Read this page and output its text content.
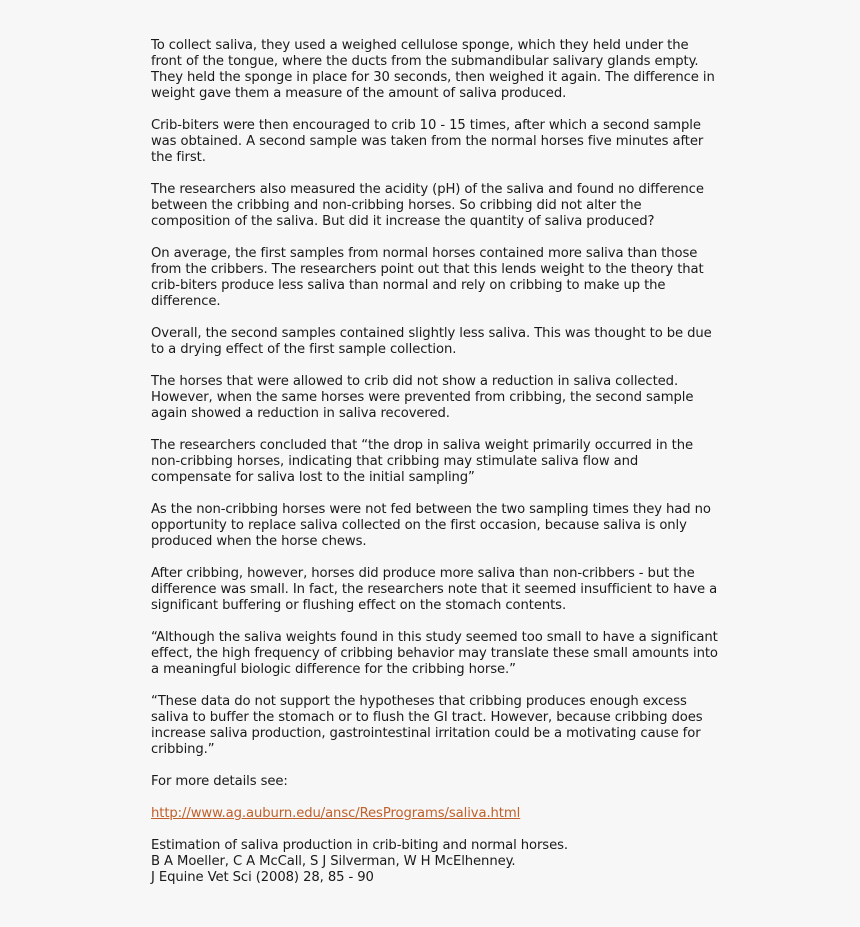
To collect saliva, they used a weighed cellulose sponge, which they held under the front of the tongue, where the ducts from the submandibular salivary glands empty. They held the sponge in place for 30 seconds, then weighed it again. The difference in weight gave them a measure of the amount of saliva produced.

Crib-biters were then encouraged to crib 10 - 15 times, after which a second sample was obtained. A second sample was taken from the normal horses five minutes after the first.

The researchers also measured the acidity (pH) of the saliva and found no difference between the cribbing and non-cribbing horses. So cribbing did not alter the composition of the saliva. But did it increase the quantity of saliva produced?

On average, the first samples from normal horses contained more saliva than those from the cribbers. The researchers point out that this lends weight to the theory that crib-biters produce less saliva than normal and rely on cribbing to make up the difference.

Overall, the second samples contained slightly less saliva. This was thought to be due to a drying effect of the first sample collection.

The horses that were allowed to crib did not show a reduction in saliva collected. However, when the same horses were prevented from cribbing, the second sample again showed a reduction in saliva recovered.

The researchers concluded that “the drop in saliva weight primarily occurred in the non-cribbing horses, indicating that cribbing may stimulate saliva flow and compensate for saliva lost to the initial sampling”

As the non-cribbing horses were not fed between the two sampling times they had no opportunity to replace saliva collected on the first occasion, because saliva is only produced when the horse chews.

After cribbing, however, horses did produce more saliva than non-cribbers - but the difference was small. In fact, the researchers note that it seemed insufficient to have a significant buffering or flushing effect on the stomach contents.

“Although the saliva weights found in this study seemed too small to have a significant effect, the high frequency of cribbing behavior may translate these small amounts into a meaningful biologic difference for the cribbing horse.”

“These data do not support the hypotheses that cribbing produces enough excess saliva to buffer the stomach or to flush the GI tract. However, because cribbing does increase saliva production, gastrointestinal irritation could be a motivating cause for cribbing.”

For more details see:

http://www.ag.auburn.edu/ansc/ResPrograms/saliva.html

Estimation of saliva production in crib-biting and normal horses.

B A Moeller, C A McCall, S J Silverman, W H McElhenney.

J Equine Vet Sci (2008) 28, 85 - 90
